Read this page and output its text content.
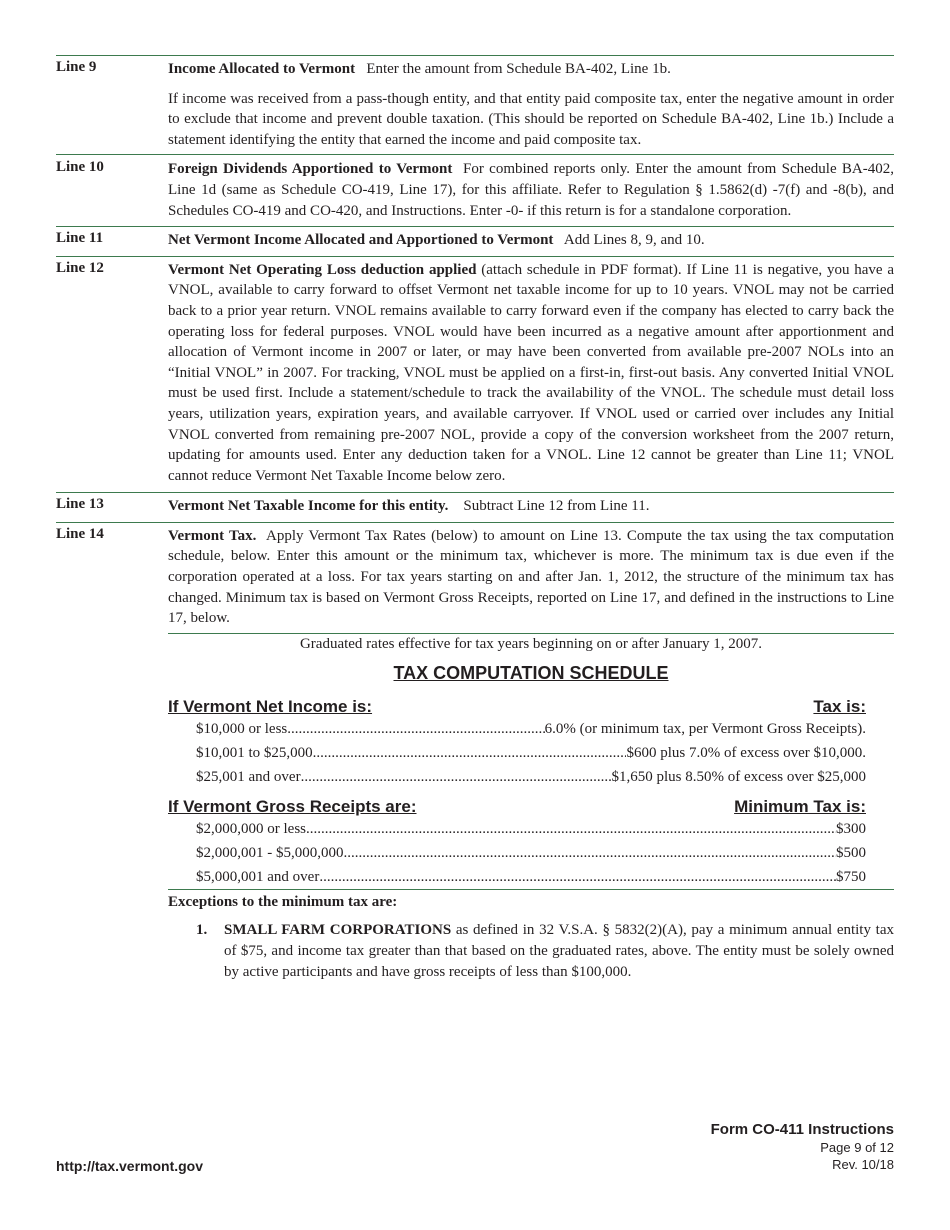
Line 9	Income Allocated to Vermont Enter the amount from Schedule BA-402, Line 1b.

If income was received from a pass-though entity, and that entity paid composite tax, enter the negative amount in order to exclude that income and prevent double taxation. (This should be reported on Schedule BA-402, Line 1b.) Include a statement identifying the entity that earned the income and paid composite tax.

Line 10	Foreign Dividends Apportioned to Vermont For combined reports only. Enter the amount from Schedule BA-402, Line 1d (same as Schedule CO-419, Line 17), for this affiliate. Refer to Regulation § 1.5862(d) -7(f) and -8(b), and Schedules CO-419 and CO-420, and Instructions. Enter -0- if this return is for a standalone corporation.

Line 11	Net Vermont Income Allocated and Apportioned to Vermont Add Lines 8, 9, and 10.

Line 12	Vermont Net Operating Loss deduction applied (attach schedule in PDF format). If Line 11 is negative, you have a VNOL, available to carry forward to offset Vermont net taxable income for up to 10 years. VNOL may not be carried back to a prior year return. VNOL remains available to carry forward even if the company has elected to carry back the operating loss for federal purposes. VNOL would have been incurred as a negative amount after apportionment and allocation of Vermont income in 2007 or later, or may have been converted from available pre-2007 NOLs into an “Initial VNOL” in 2007. For tracking, VNOL must be applied on a first-in, first-out basis. Any converted Initial VNOL must be used first. Include a statement/schedule to track the availability of the VNOL. The schedule must detail loss years, utilization years, expiration years, and available carryover. If VNOL used or carried over includes any Initial VNOL converted from remaining pre-2007 NOL, provide a copy of the conversion worksheet from the 2007 return, updating for amounts used. Enter any deduction taken for a VNOL. Line 12 cannot be greater than Line 11; VNOL cannot reduce Vermont Net Taxable Income below zero.

Line 13	Vermont Net Taxable Income for this entity. Subtract Line 12 from Line 11.

Line 14	Vermont Tax. Apply Vermont Tax Rates (below) to amount on Line 13. Compute the tax using the tax computation schedule, below. Enter this amount or the minimum tax, whichever is more. The minimum tax is due even if the corporation operated at a loss. For tax years starting on and after Jan. 1, 2012, the structure of the minimum tax has changed. Minimum tax is based on Vermont Gross Receipts, reported on Line 17, and defined in the instructions to Line 17, below.

Graduated rates effective for tax years beginning on or after January 1, 2007.
TAX COMPUTATION SCHEDULE
If Vermont Net Income is:	Tax is:
$10,000 or less .....	6.0% (or minimum tax, per Vermont Gross Receipts).
$10,001 to $25,000 .....	$600 plus 7.0% of excess over $10,000.
$25,001 and over .....	$1,650 plus 8.50% of excess over $25,000
If Vermont Gross Receipts are:	Minimum Tax is:
$2,000,000 or less .....	$300
$2,000,001 - $5,000,000 .....	$500
$5,000,001 and over .....	$750
Exceptions to the minimum tax are:
1. SMALL FARM CORPORATIONS as defined in 32 V.S.A. § 5832(2)(A), pay a minimum annual entity tax of $75, and income tax greater than that based on the graduated rates, above. The entity must be solely owned by active participants and have gross receipts of less than $100,000.
Form CO-411 Instructions
Page 9 of 12
Rev. 10/18
http://tax.vermont.gov
